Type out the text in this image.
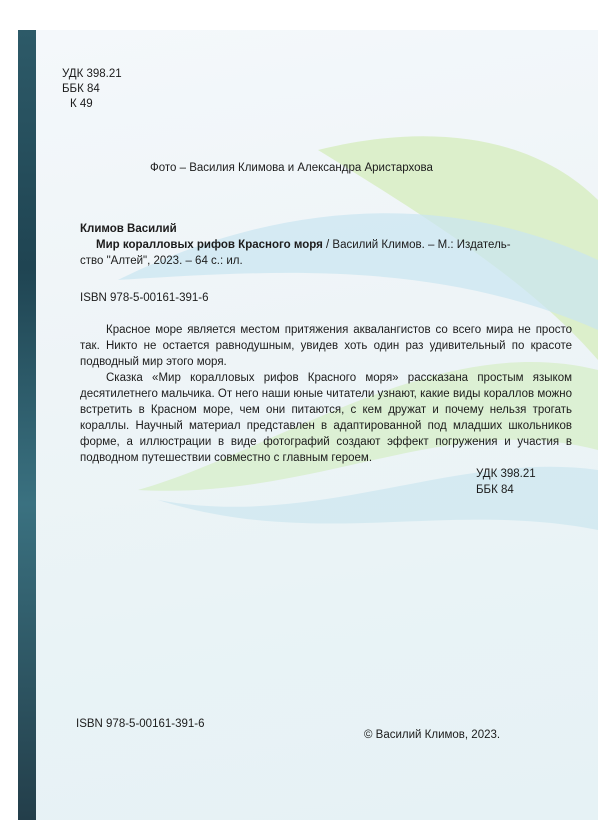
УДК 398.21
ББК 84
К 49
Фото – Василия Климова и Александра Аристархова
Климов Василий
Мир коралловых рифов Красного моря / Василий Климов. – М.: Издатель-
ство "Алтей", 2023. – 64 с.: ил.
ISBN 978-5-00161-391-6
Красное море является местом притяжения аквалангистов со всего мира не просто так. Никто не остается равнодушным, увидев хоть один раз удивительный по красоте подводный мир этого моря.
Сказка «Мир коралловых рифов Красного моря» рассказана простым языком десятилетнего мальчика. От него наши юные читатели узнают, какие виды кораллов можно встретить в Красном море, чем они питаются, с кем дружат и почему нельзя трогать кораллы. Научный материал представлен в адаптированной под младших школьников форме, а иллюстрации в виде фотографий создают эффект погружения и участия в подводном путешествии совместно с главным героем.
УДК 398.21
ББК 84
ISBN 978-5-00161-391-6
© Василий Климов, 2023.
